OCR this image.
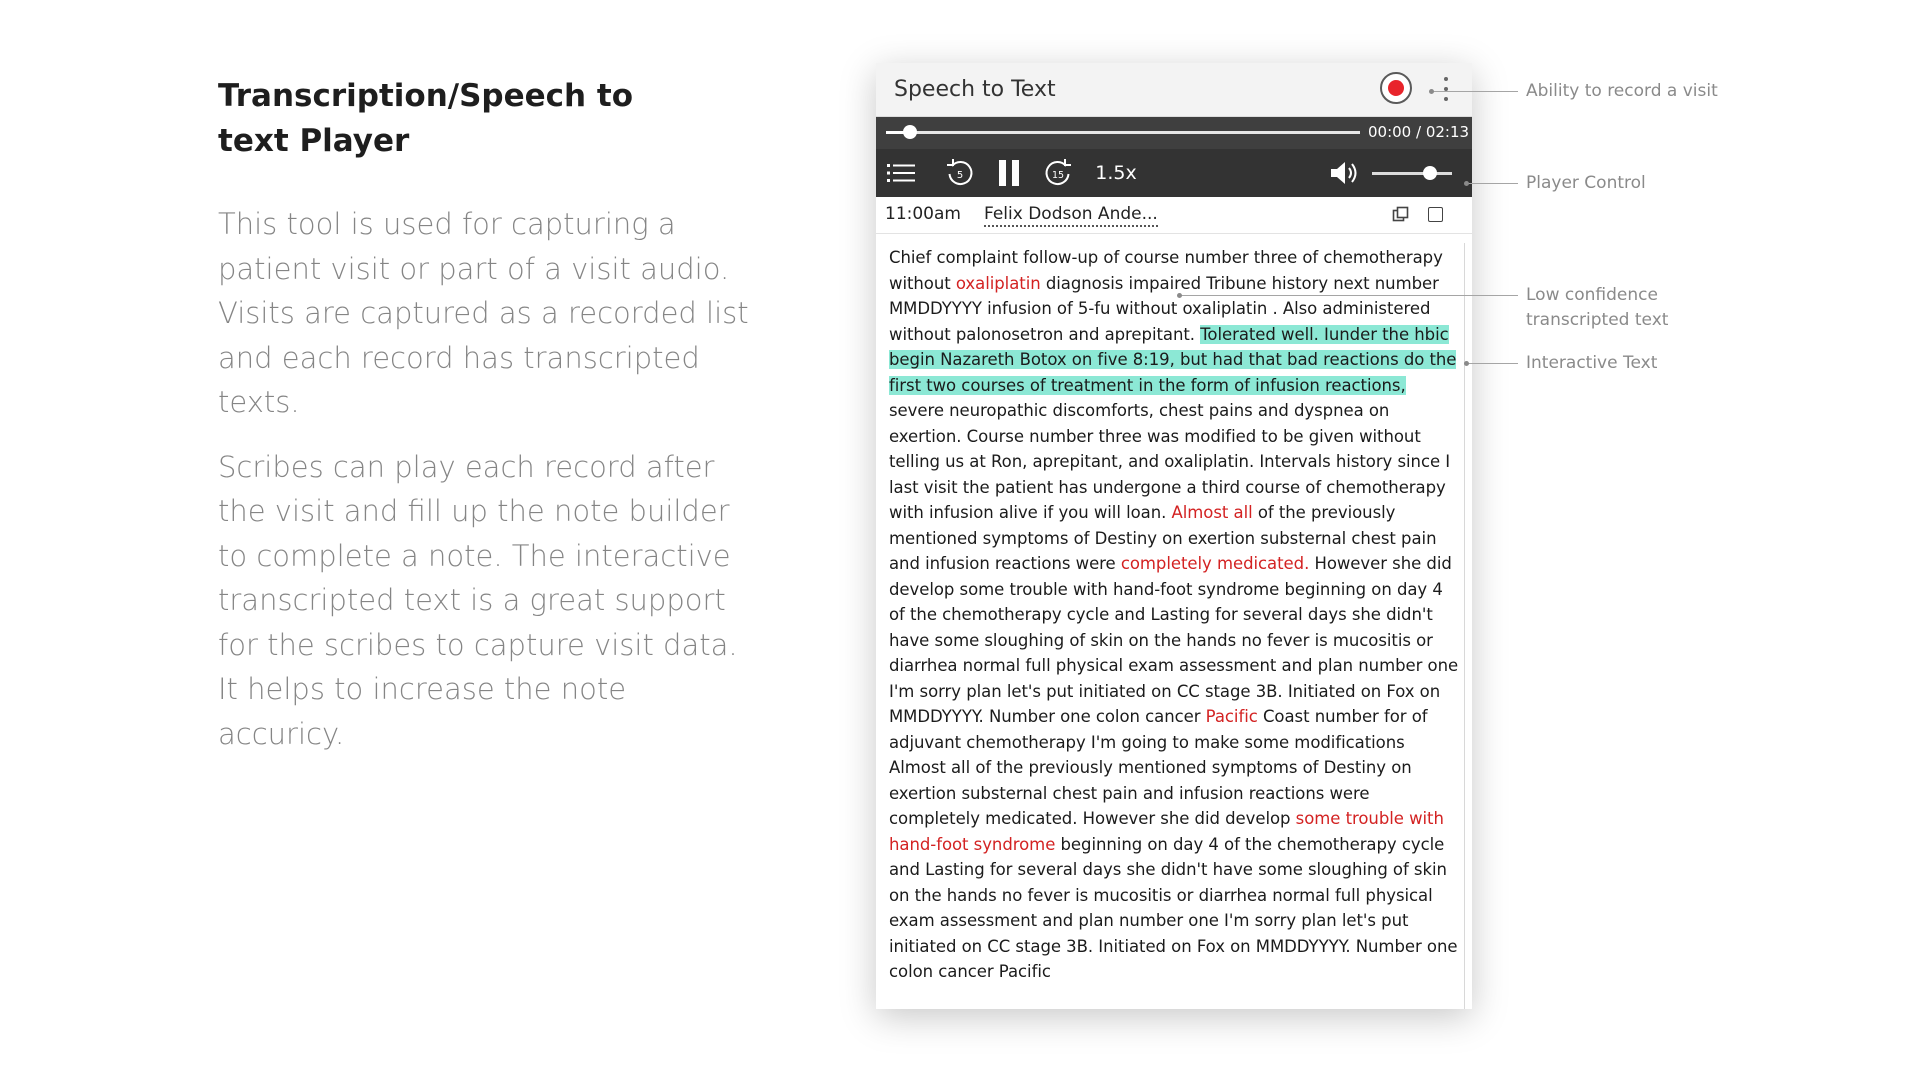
Transcription/Speech to text Player

This tool is used for capturing a patient visit or part of a visit audio. Visits are captured as a recorded list and each record has transcripted texts.

Scribes can play each record after the visit and fill up the note builder to complete a note. The interactive transcripted text is a great support for the scribes to capture visit data. It helps to increase the note accuricy.

Speech to Text
00:00 / 02:13
5	15 1.5x
11:00am Felix Dodson Ande...
Chief complaint follow-up of course number three of chemotherapy without oxaliplatin diagnosis impaired Tribune history next number MMDDYYYY infusion of 5-fu without oxaliplatin . Also administered without palonosetron and aprepitant. Tolerated well. Iunder the hbic begin Nazareth Botox on five 8:19, but had that bad reactions do the first two courses of treatment in the form of infusion reactions, severe neuropathic discomforts, chest pains and dyspnea on exertion. Course number three was modified to be given without telling us at Ron, aprepitant, and oxaliplatin. Intervals history since I last visit the patient has undergone a third course of chemotherapy with infusion alive if you will loan. Almost all of the previously mentioned symptoms of Destiny on exertion substernal chest pain and infusion reactions were completely medicated. However she did develop some trouble with hand-foot syndrome beginning on day 4 of the chemotherapy cycle and Lasting for several days she didn't have some sloughing of skin on the hands no fever is mucositis or diarrhea normal full physical exam assessment and plan number one I'm sorry plan let's put initiated on CC stage 3B. Initiated on Fox on MMDDYYYY. Number one colon cancer Pacific Coast number for of adjuvant chemotherapy I'm going to make some modifications Almost all of the previously mentioned symptoms of Destiny on exertion substernal chest pain and infusion reactions were completely medicated. However she did develop some trouble with hand-foot syndrome beginning on day 4 of the chemotherapy cycle and Lasting for several days she didn't have some sloughing of skin on the hands no fever is mucositis or diarrhea normal full physical exam assessment and plan number one I'm sorry plan let's put initiated on CC stage 3B. Initiated on Fox on MMDDYYYY. Number one colon cancer Pacific
Ability to record a visit
Player Control
Low confidence transcripted text
Interactive Text
